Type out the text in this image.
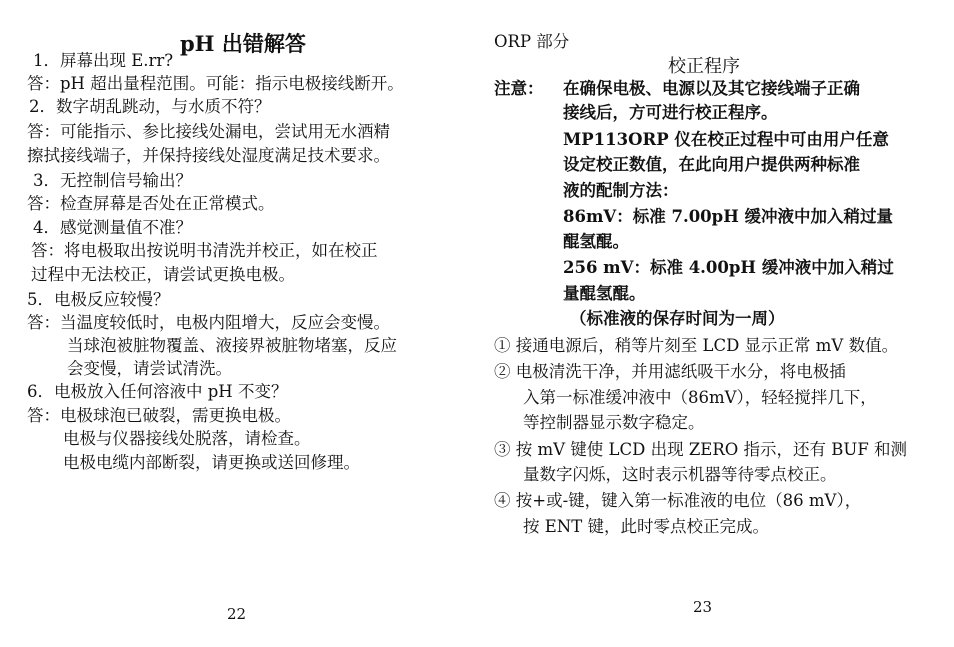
pH 出错解答
1．屏幕出现 E.rr?
答：pH 超出量程范围。可能：指示电极接线断开。
2．数字胡乱跳动，与水质不符？
答：可能指示、参比接线处漏电，尝试用无水酒精
擦拭接线端子，并保持接线处湿度满足技术要求。
3．无控制信号输出？
答：检查屏幕是否处在正常模式。
4．感觉测量值不准？
答：将电极取出按说明书清洗并校正，如在校正
过程中无法校正，请尝试更换电极。
5．电极反应较慢？
答：当温度较低时，电极内阻增大，反应会变慢。
当球泡被脏物覆盖、液接界被脏物堵塞，反应
会变慢，请尝试清洗。
6．电极放入任何溶液中 pH 不变？
答：电极球泡已破裂，需更换电极。
电极与仪器接线处脱落，请检查。
电极电缆内部断裂，请更换或送回修理。
22
ORP 部分
校正程序
注意： 在确保电极、电源以及其它接线端子正确
接线后，方可进行校正程序。
MP113ORP 仪在校正过程中可由用户任意
设定校正数值，在此向用户提供两种标准
液的配制方法：
86mV：标准 7.00pH 缓冲液中加入稍过量
醌氢醌。
256 mV：标准 4.00pH 缓冲液中加入稍过
量醌氢醌。
（标准液的保存时间为一周）
① 接通电源后，稍等片刻至 LCD 显示正常 mV 数值。
② 电极清洗干净，并用滤纸吸干水分，将电极插
入第一标准缓冲液中（86mV），轻轻搅拌几下，
等控制器显示数字稳定。
③ 按 mV 键使 LCD 出现 ZERO 指示，还有 BUF 和测
量数字闪烁，这时表示机器等待零点校正。
④ 按+或-键，键入第一标准液的电位（86 mV），
按 ENT 键，此时零点校正完成。
23
